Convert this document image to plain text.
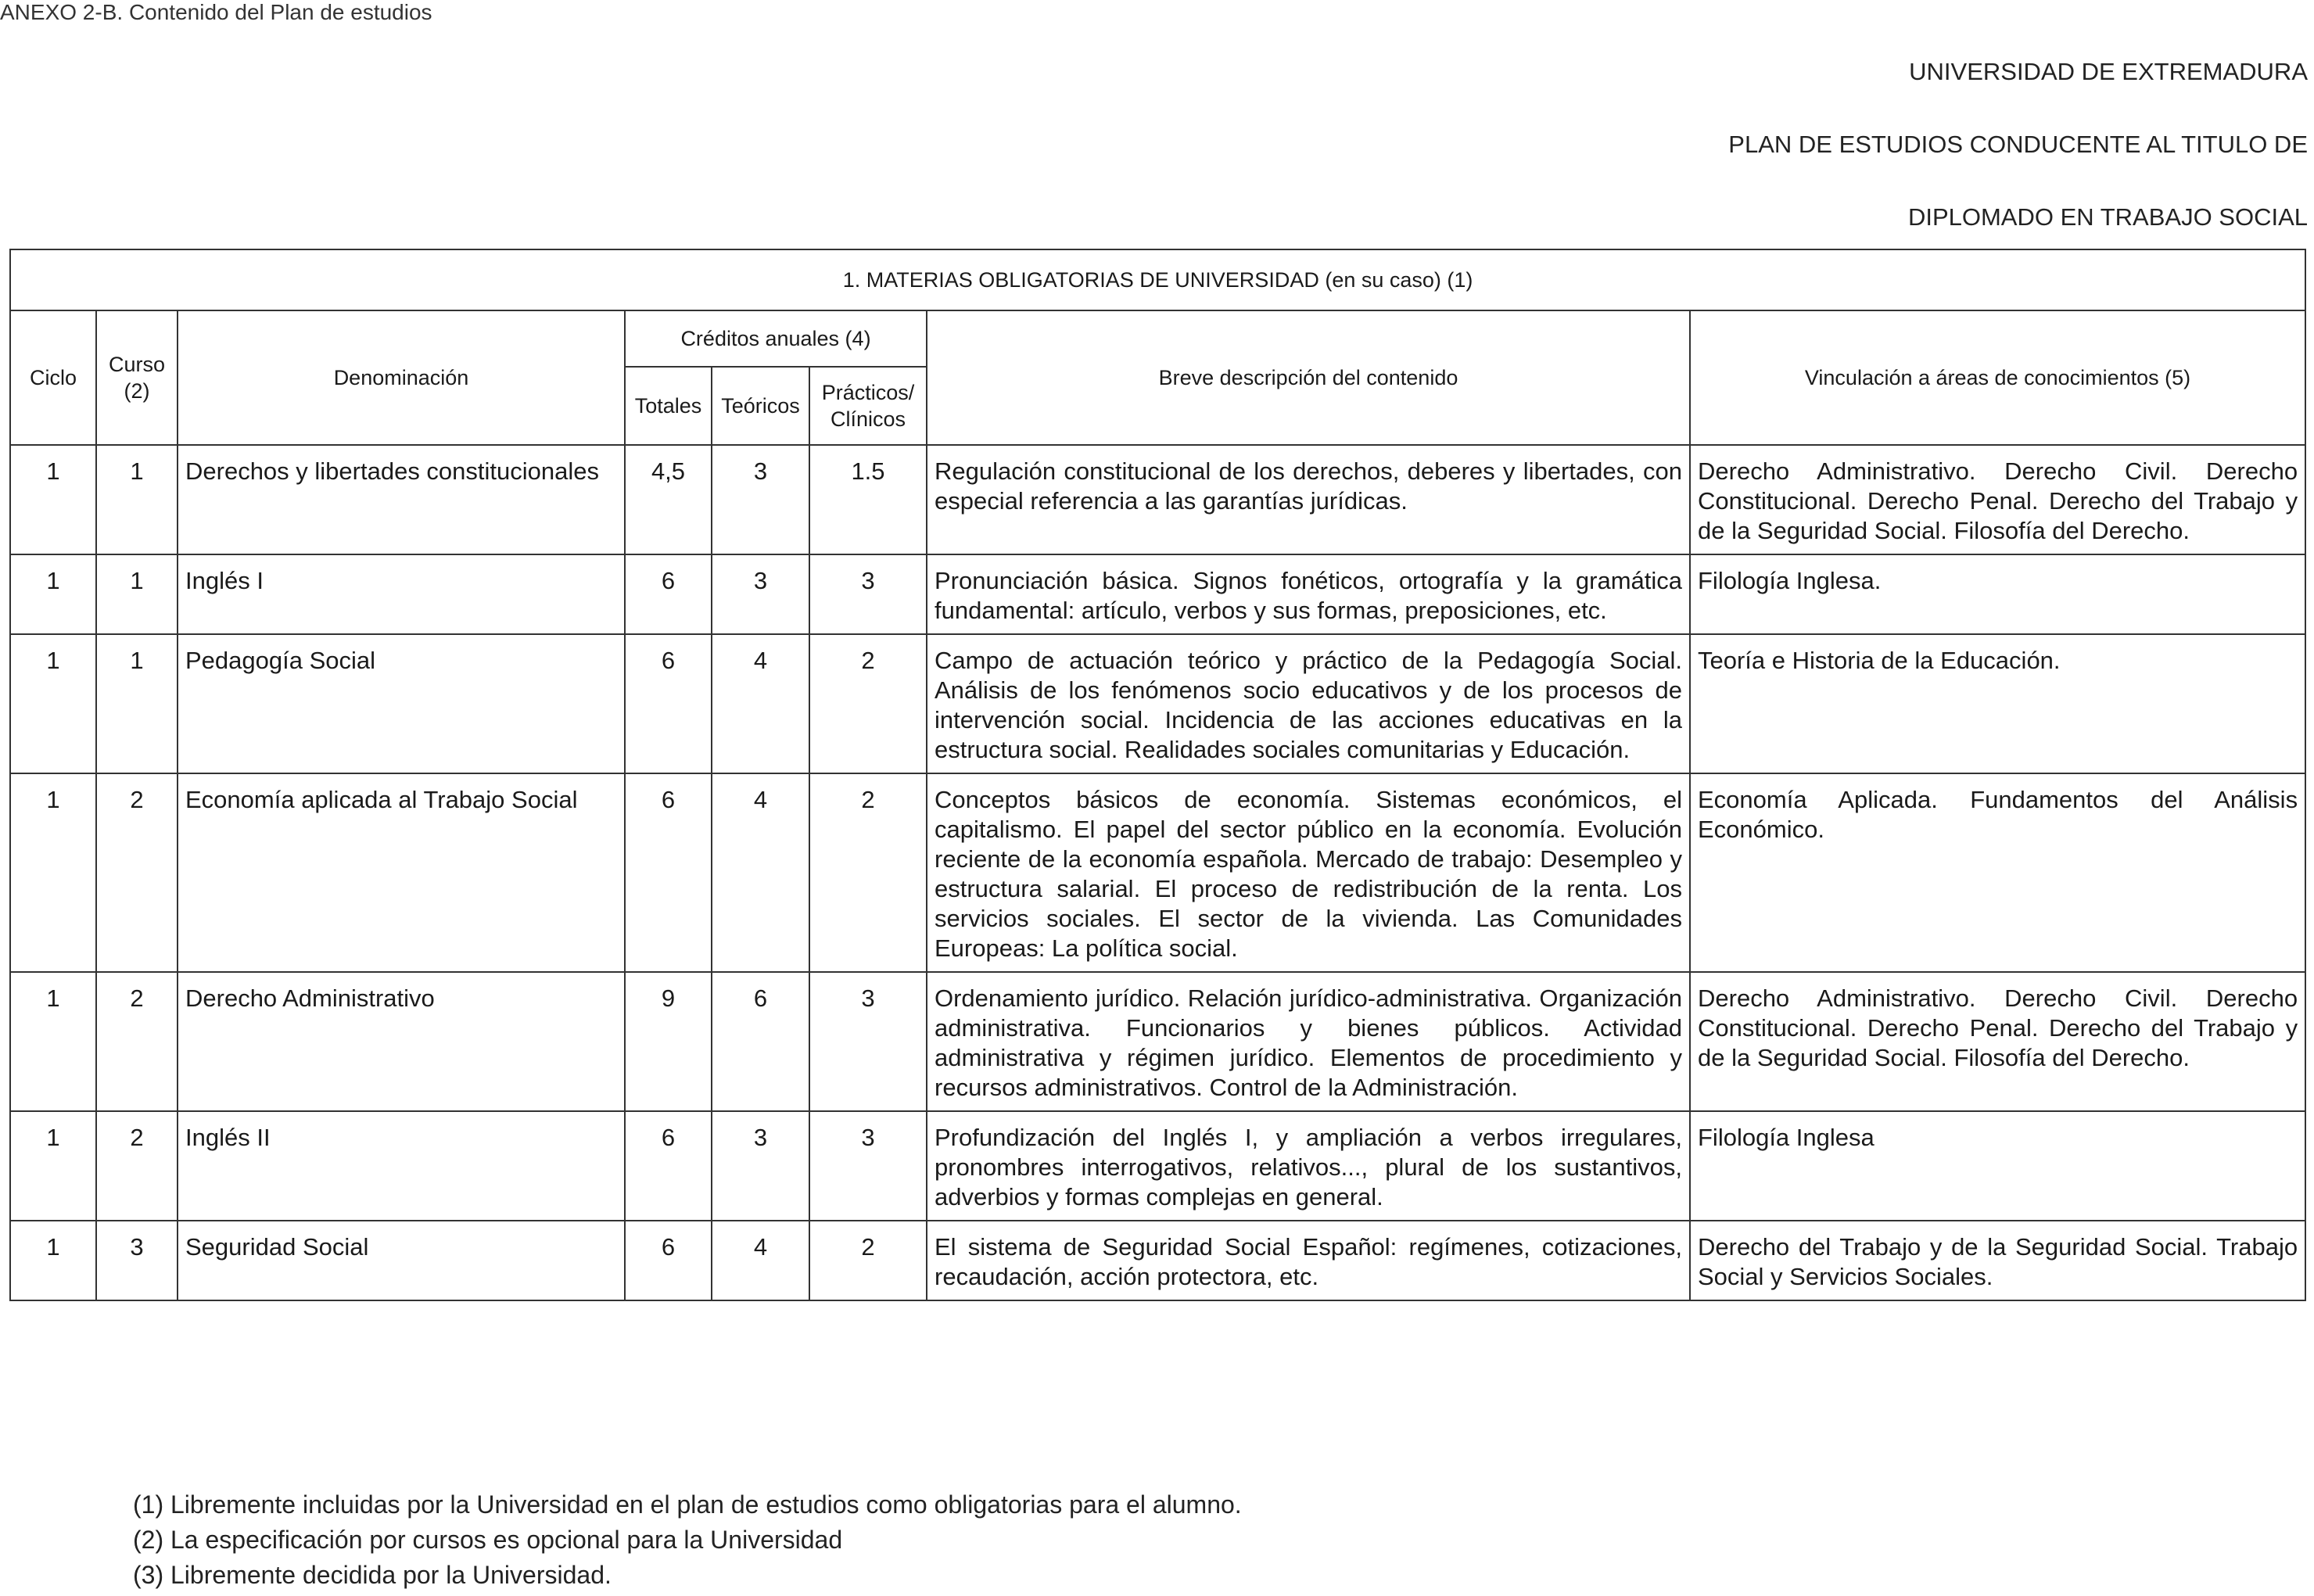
ANEXO 2-B. Contenido del Plan de estudios
UNIVERSIDAD DE EXTREMADURA
PLAN DE ESTUDIOS CONDUCENTE AL TITULO DE
DIPLOMADO EN TRABAJO SOCIAL
1. MATERIAS OBLIGATORIAS DE UNIVERSIDAD (en su caso) (1)							
Ciclo	Curso (2)	Denominación	Créditos anuales (4)			Breve descripción del contenido	Vinculación a áreas de conocimientos (5)
			Totales	Teóricos	Prácticos/ Clínicos		
1	1	Derechos y libertades constitucionales	4,5	3	1.5	Regulación constitucional de los derechos, deberes y libertades, con especial referencia a las garantías jurídicas.	Derecho Administrativo. Derecho Civil. Derecho Constitucional. Derecho Penal. Derecho del Trabajo y de la Seguridad Social. Filosofía del Derecho.
1	1	Inglés I	6	3	3	Pronunciación básica. Signos fonéticos, ortografía y la gramática fundamental: artículo, verbos y sus formas, preposiciones, etc.	Filología Inglesa.
1	1	Pedagogía Social	6	4	2	Campo de actuación teórico y práctico de la Pedagogía Social. Análisis de los fenómenos socio educativos y de los procesos de intervención social. Incidencia de las acciones educativas en la estructura social. Realidades sociales comunitarias y Educación.	Teoría e Historia de la Educación.
1	2	Economía aplicada al Trabajo Social	6	4	2	Conceptos básicos de economía. Sistemas económicos, el capitalismo. El papel del sector público en la economía. Evolución reciente de la economía española. Mercado de trabajo: Desempleo y estructura salarial. El proceso de redistribución de la renta. Los servicios sociales. El sector de la vivienda. Las Comunidades Europeas: La política social.	Economía Aplicada. Fundamentos del Análisis Económico.
1	2	Derecho Administrativo	9	6	3	Ordenamiento jurídico. Relación jurídico-administrativa. Organización administrativa. Funcionarios y bienes públicos. Actividad administrativa y régimen jurídico. Elementos de procedimiento y recursos administrativos. Control de la Administración.	Derecho Administrativo. Derecho Civil. Derecho Constitucional. Derecho Penal. Derecho del Trabajo y de la Seguridad Social. Filosofía del Derecho.
1	2	Inglés II	6	3	3	Profundización del Inglés I, y ampliación a verbos irregulares, pronombres interrogativos, relativos..., plural de los sustantivos, adverbios y formas complejas en general.	Filología Inglesa
1	3	Seguridad Social	6	4	2	El sistema de Seguridad Social Español: regímenes, cotizaciones, recaudación, acción protectora, etc.	Derecho del Trabajo y de la Seguridad Social. Trabajo Social y Servicios Sociales.
(1) Libremente incluidas por la Universidad en el plan de estudios como obligatorias para el alumno.
(2) La especificación por cursos es opcional para la Universidad
(3) Libremente decidida por la Universidad.
